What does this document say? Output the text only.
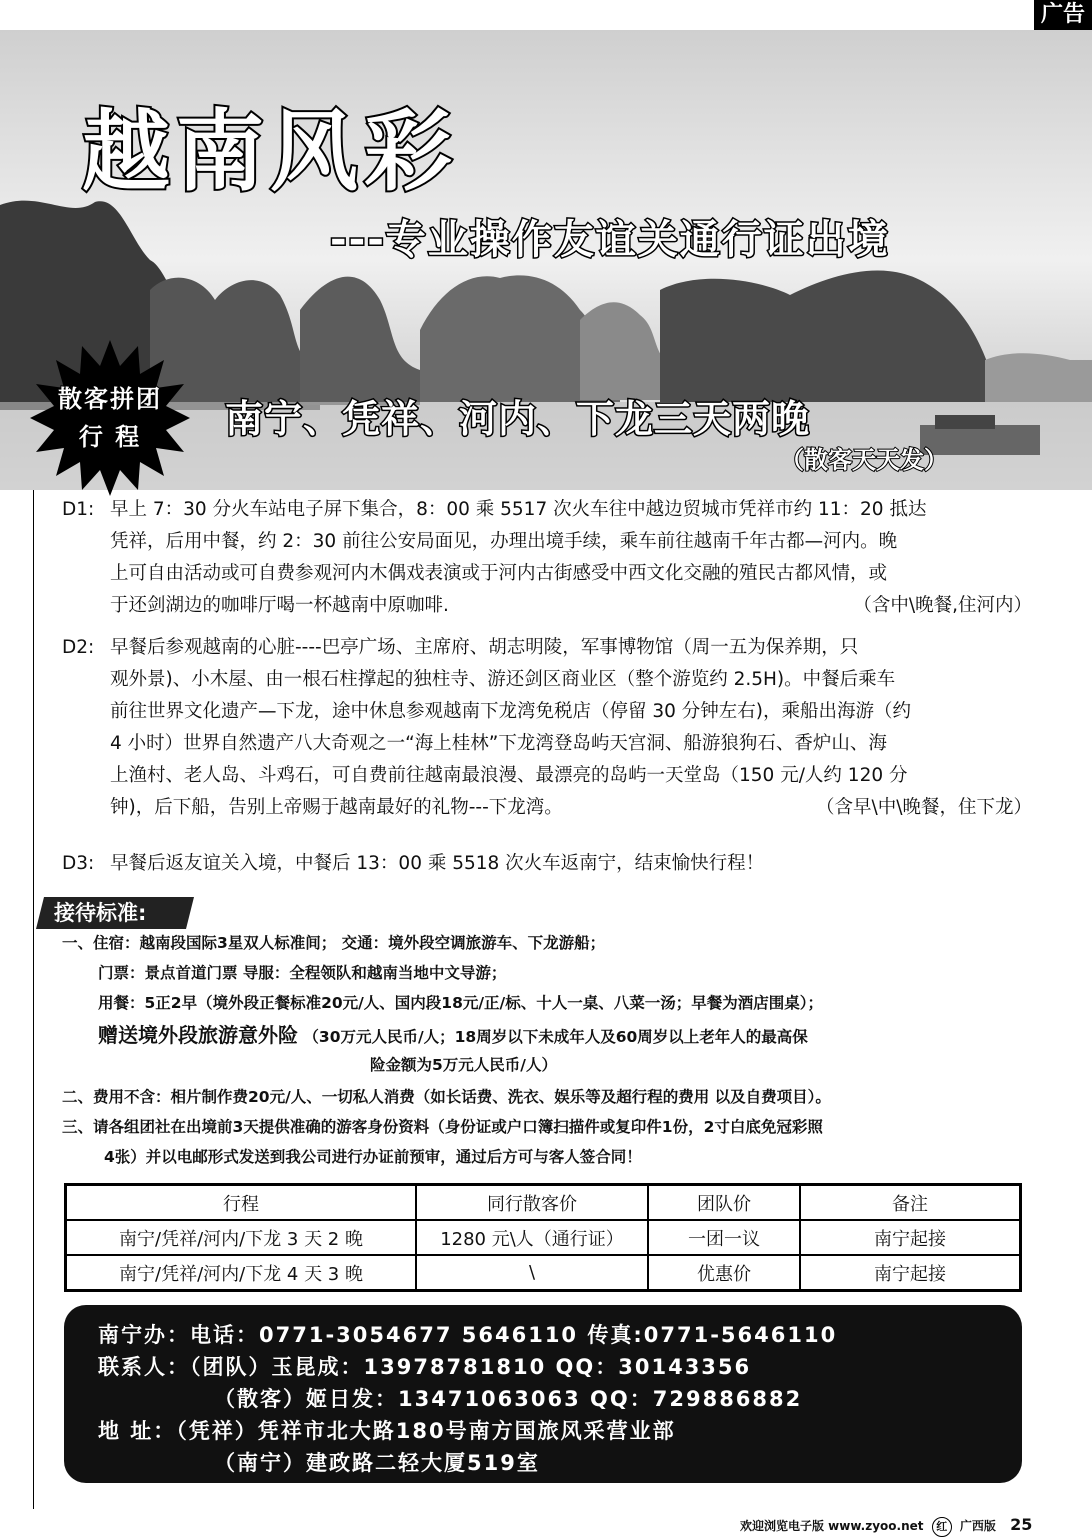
广告
越南风彩
---专业操作友谊关通行证出境
散客拼团
行 程	南宁、凭祥、河内、下龙三天两晚
（散客天天发）
D1: 早上 7：30 分火车站电子屏下集合，8：00 乘 5517 次火车往中越边贸城市凭祥市约 11：20 抵达
凭祥，后用中餐，约 2：30 前往公安局面见，办理出境手续，乘车前往越南千年古都—河内。晚
上可自由活动或可自费参观河内木偶戏表演或于河内古街感受中西文化交融的殖民古都风情，或
于还剑湖边的咖啡厅喝一杯越南中原咖啡.	（含中\晚餐,住河内）
D2: 早餐后参观越南的心脏----巴亭广场、主席府、胡志明陵，军事博物馆（周一五为保养期，只
观外景)、小木屋、由一根石柱撑起的独柱寺、游还剑区商业区（整个游览约 2.5H)。中餐后乘车
前往世界文化遗产—下龙，途中休息参观越南下龙湾免税店（停留 30 分钟左右)，乘船出海游（约
4 小时）世界自然遗产八大奇观之一“海上桂林”下龙湾登岛屿天宫洞、船游狼狗石、香炉山、海
上渔村、老人岛、斗鸡石，可自费前往越南最浪漫、最漂亮的岛屿一天堂岛（150 元/人约 120 分
钟)，后下船，告别上帝赐于越南最好的礼物---下龙湾。	（含早\中\晚餐，住下龙）
D3: 早餐后返友谊关入境，中餐后 13：00 乘 5518 次火车返南宁，结束愉快行程！
接待标准:
一、住宿：越南段国际3星双人标准间； 交通：境外段空调旅游车、下龙游船；
门票：景点首道门票 导服：全程领队和越南当地中文导游；
用餐：5正2早（境外段正餐标准20元/人、国内段18元/正/标、十人一桌、八菜一汤；早餐为酒店围桌）；
赠送境外段旅游意外险 （30万元人民币/人；18周岁以下未成年人及60周岁以上老年人的最高保
险金额为5万元人民币/人）
二、费用不含：相片制作费20元/人、一切私人消费（如长话费、洗衣、娱乐等及超行程的费用 以及自费项目）。
三、请各组团社在出境前3天提供准确的游客身份资料（身份证或户口簿扫描件或复印件1份，2寸白底免冠彩照
4张）并以电邮形式发送到我公司进行办证前预审，通过后方可与客人签合同！
行程	同行散客价	团队价	备注
南宁/凭祥/河内/下龙 3 天 2 晚	1280 元\人（通行证）	一团一议	南宁起接
南宁/凭祥/河内/下龙 4 天 3 晚	\	优惠价	南宁起接
南宁办：电话：0771-3054677 5646110 传真:0771-5646110
联系人：（团队）玉昆成：13978781810 QQ：30143356
（散客）姬日发：13471063063 QQ：729886882
地 址：（凭祥）凭祥市北大路180号南方国旅风采营业部
（南宁）建政路二轻大厦519室
欢迎浏览电子版 www.zyoo.net 红 广西版 25
